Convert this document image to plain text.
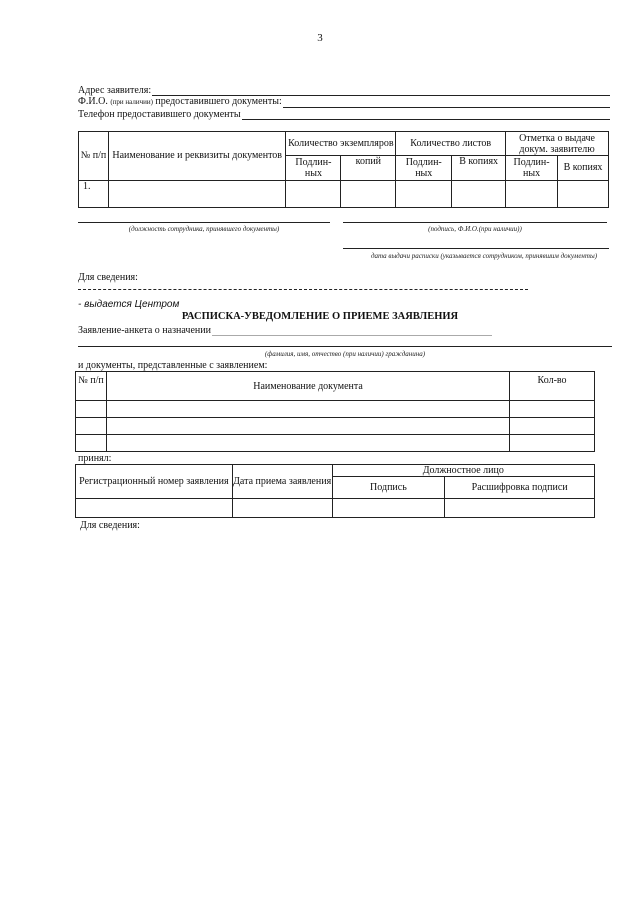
3
Адрес заявителя:
Ф.И.О. (при наличии) предоставившего документы:
Телефон предоставившего документы
№ п/п	Наименование и реквизиты документов	Количество экземпляров		Количество листов		Отметка о выдаче докум. заявителю	
		Подлин- ных	копий	Подлин- ных	В копиях	Подлин- ных	В копиях
1.							
(должность сотрудника, принявшего документы)	(подпись, Ф.И.О.(при наличии))
дата выдачи расписки (указывается сотрудником, принявшим документы)
Для сведения:
- выдается Центром
РАСПИСКА-УВЕДОМЛЕНИЕ О ПРИЕМЕ ЗАЯВЛЕНИЯ
Заявление-анкета о назначении
(фамилия, имя, отчество (при наличии) гражданина)
и документы, представленные с заявлением:
№ п/п	Наименование документа	Кол-во

принял:
Регистрационный номер заявления	Дата приема заявления	Должностное лицо	
		Подпись	Расшифровка подписи

Для сведения:
